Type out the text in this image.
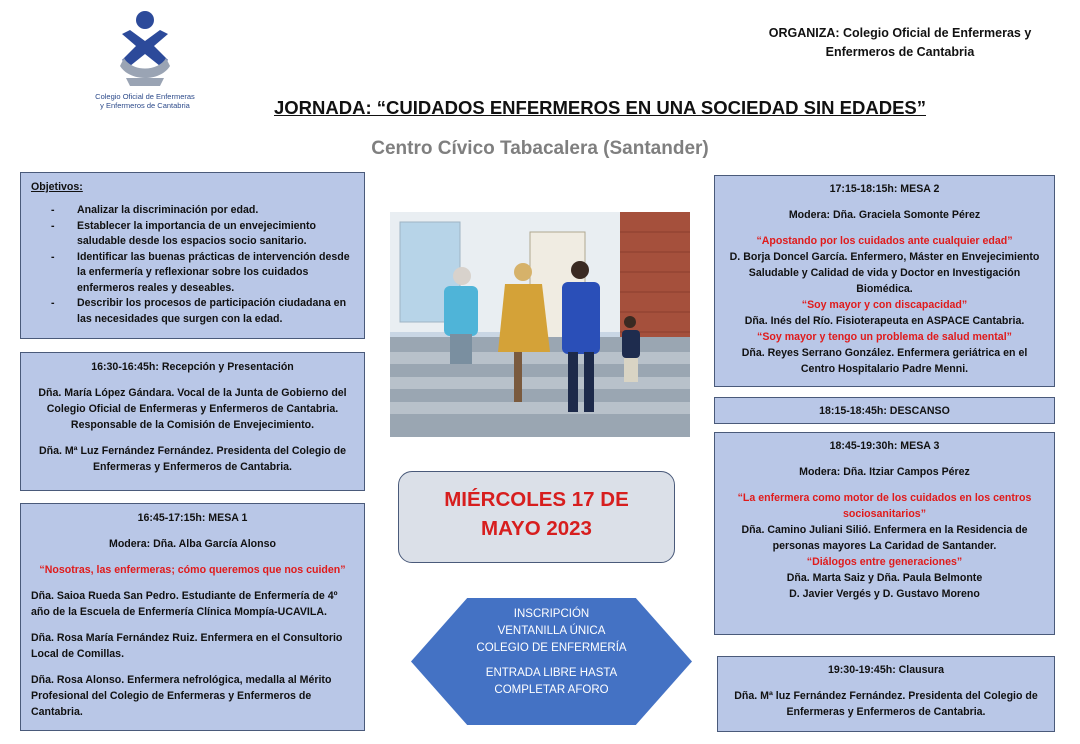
Colegio Oficial de Enfermeras
y Enfermeros de Cantabria
ORGANIZA: Colegio Oficial de Enfermeras y
Enfermeros de Cantabria
JORNADA: “CUIDADOS ENFERMEROS EN UNA SOCIEDAD SIN EDADES”
Centro Cívico Tabacalera (Santander)
Objetivos:
- Analizar la discriminación por edad.
- Establecer la importancia de un envejecimiento saludable desde los espacios socio sanitario.
- Identificar las buenas prácticas de intervención desde la enfermería y reflexionar sobre los cuidados enfermeros reales y deseables.
- Describir los procesos de participación ciudadana en las necesidades que surgen con la edad.
16:30-16:45h: Recepción y Presentación
Dña. María López Gándara. Vocal de la Junta de Gobierno del Colegio Oficial de Enfermeras y Enfermeros de Cantabria. Responsable de la Comisión de Envejecimiento.
Dña. Mª Luz Fernández Fernández. Presidenta del Colegio de Enfermeras y Enfermeros de Cantabria.
16:45-17:15h: MESA 1
Modera: Dña. Alba García Alonso
“Nosotras, las enfermeras; cómo queremos que nos cuiden”
Dña. Saioa Rueda San Pedro. Estudiante de Enfermería de 4º año de la Escuela de Enfermería Clínica Mompía-UCAVILA.
Dña. Rosa María Fernández Ruiz. Enfermera en el Consultorio Local de Comillas.
Dña. Rosa Alonso. Enfermera nefrológica, medalla al Mérito Profesional del Colegio de Enfermeras y Enfermeros de Cantabria.
MIÉRCOLES 17 DE
MAYO 2023
INSCRIPCIÓN
VENTANILLA ÚNICA
COLEGIO DE ENFERMERÍA
ENTRADA LIBRE HASTA
COMPLETAR AFORO
17:15-18:15h: MESA 2
Modera: Dña. Graciela Somonte Pérez
“Apostando por los cuidados ante cualquier edad”
D. Borja Doncel García. Enfermero, Máster en Envejecimiento Saludable y Calidad de vida y Doctor en Investigación Biomédica.
“Soy mayor y con discapacidad”
Dña. Inés del Río. Fisioterapeuta en ASPACE Cantabria.
“Soy mayor y tengo un problema de salud mental”
Dña. Reyes Serrano González. Enfermera geriátrica en el Centro Hospitalario Padre Menni.
18:15-18:45h: DESCANSO
18:45-19:30h: MESA 3
Modera: Dña. Itziar Campos Pérez
“La enfermera como motor de los cuidados en los centros sociosanitarios”
Dña. Camino Juliani Silió. Enfermera en la Residencia de personas mayores La Caridad de Santander.
“Diálogos entre generaciones”
Dña. Marta Saiz y Dña. Paula Belmonte
D. Javier Vergés y D. Gustavo Moreno
19:30-19:45h: Clausura
Dña. Mª luz Fernández Fernández. Presidenta del Colegio de Enfermeras y Enfermeros de Cantabria.
